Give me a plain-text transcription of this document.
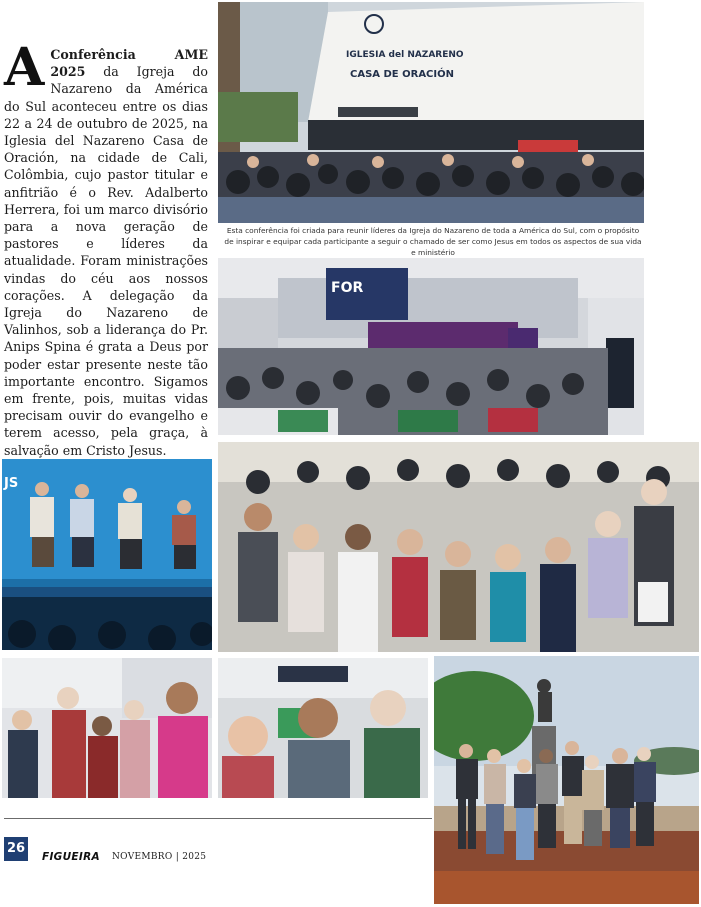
A Conferência AME 2025 da Igreja do Nazareno da América do Sul aconteceu entre os dias 22 a 24 de outubro de 2025, na Iglesia del Nazareno Casa de Oración, na cidade de Cali, Colômbia, cujo pastor titular e anfitrião é o Rev. Adalberto Herrera, foi um marco divisório para a nova geração de pastores e líderes da atualidade. Foram ministrações vindas do céu aos nossos corações. A delegação da Igreja do Nazareno de Valinhos, sob a liderança do Pr. Anips Spina é grata a Deus por poder estar presente neste tão importante encontro. Sigamos em frente, pois, muitas vidas precisam ouvir do evangelho e terem acesso, pela graça, à salvação em Cristo Jesus.
IGLESIA del NAZARENO
CASA DE ORACIÓN
Esta conferência foi criada para reunir líderes da Igreja do Nazareno de toda a América do Sul, com o propósito de inspirar e equipar cada participante a seguir o chamado de ser como Jesus em todos os aspectos de sua vida e ministério
FOR
JS
26
FIGUEIRA NOVEMBRO | 2025
